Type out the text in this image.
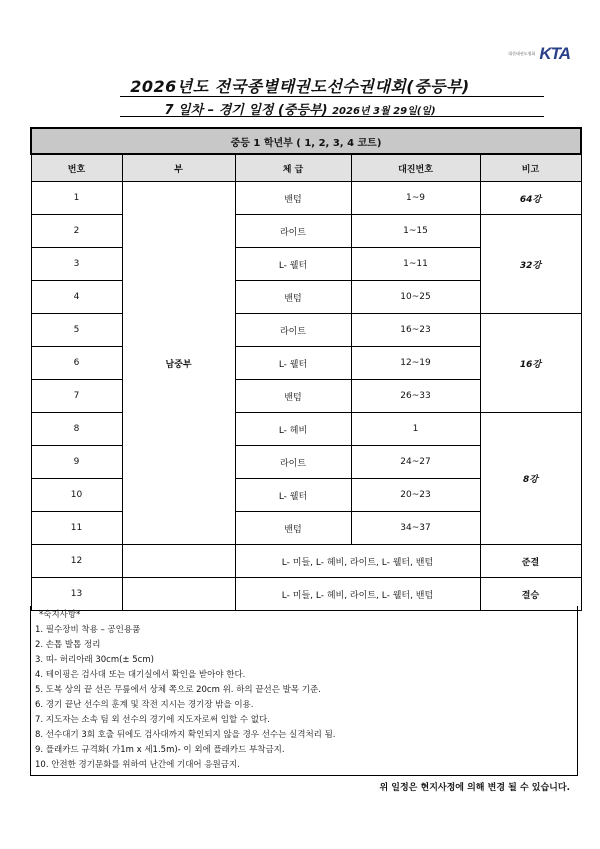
대한태권도협회 KTA
2026년도 전국종별태권도선수권대회(중등부)
7 일차 – 경기 일정 (중등부) 2026년 3월 29일(일)
중등 1 학년부 ( 1, 2, 3, 4 코트)				
번호	부	체 급	대진번호	비고
1	남중부	밴텀	1~9	64강
2		라이트	1~15	32강
3		L- 웰터	1~11	
4		밴텀	10~25	
5		라이트	16~23	16강
6		L- 웰터	12~19	
7		밴텀	26~33	
8		L- 헤비	1	8강
9		라이트	24~27	
10		L- 웰터	20~23	
11		밴텀	34~37	
12		L- 미들, L- 헤비, 라이트, L- 웰터, 밴텀		준결
13		L- 미들, L- 헤비, 라이트, L- 웰터, 밴텀		결승
*숙지사항*
1. 필수장비 착용 – 공인용품
2. 손톱 발톱 정리
3. 띠- 허리아래 30cm(± 5cm)
4. 테이핑은 검사대 또는 대기실에서 확인을 받아야 한다.
5. 도복 상의 끝 선은 무릎에서 상체 쪽으로 20cm 위. 하의 끝선은 발목 기준.
6. 경기 끝난 선수의 훈계 및 작전 지시는 경기장 밖을 이용.
7. 지도자는 소속 팀 외 선수의 경기에 지도자로써 임할 수 없다.
8. 선수대기 3회 호출 뒤에도 검사대까지 확인되지 않을 경우 선수는 실격처리 됨.
9. 플래카드 규격화( 가1m x 세1.5m)- 이 외에 플래카드 부착금지.
10. 안전한 경기문화를 위하여 난간에 기대어 응원금지.
위 일정은 현지사정에 의해 변경 될 수 있습니다.
